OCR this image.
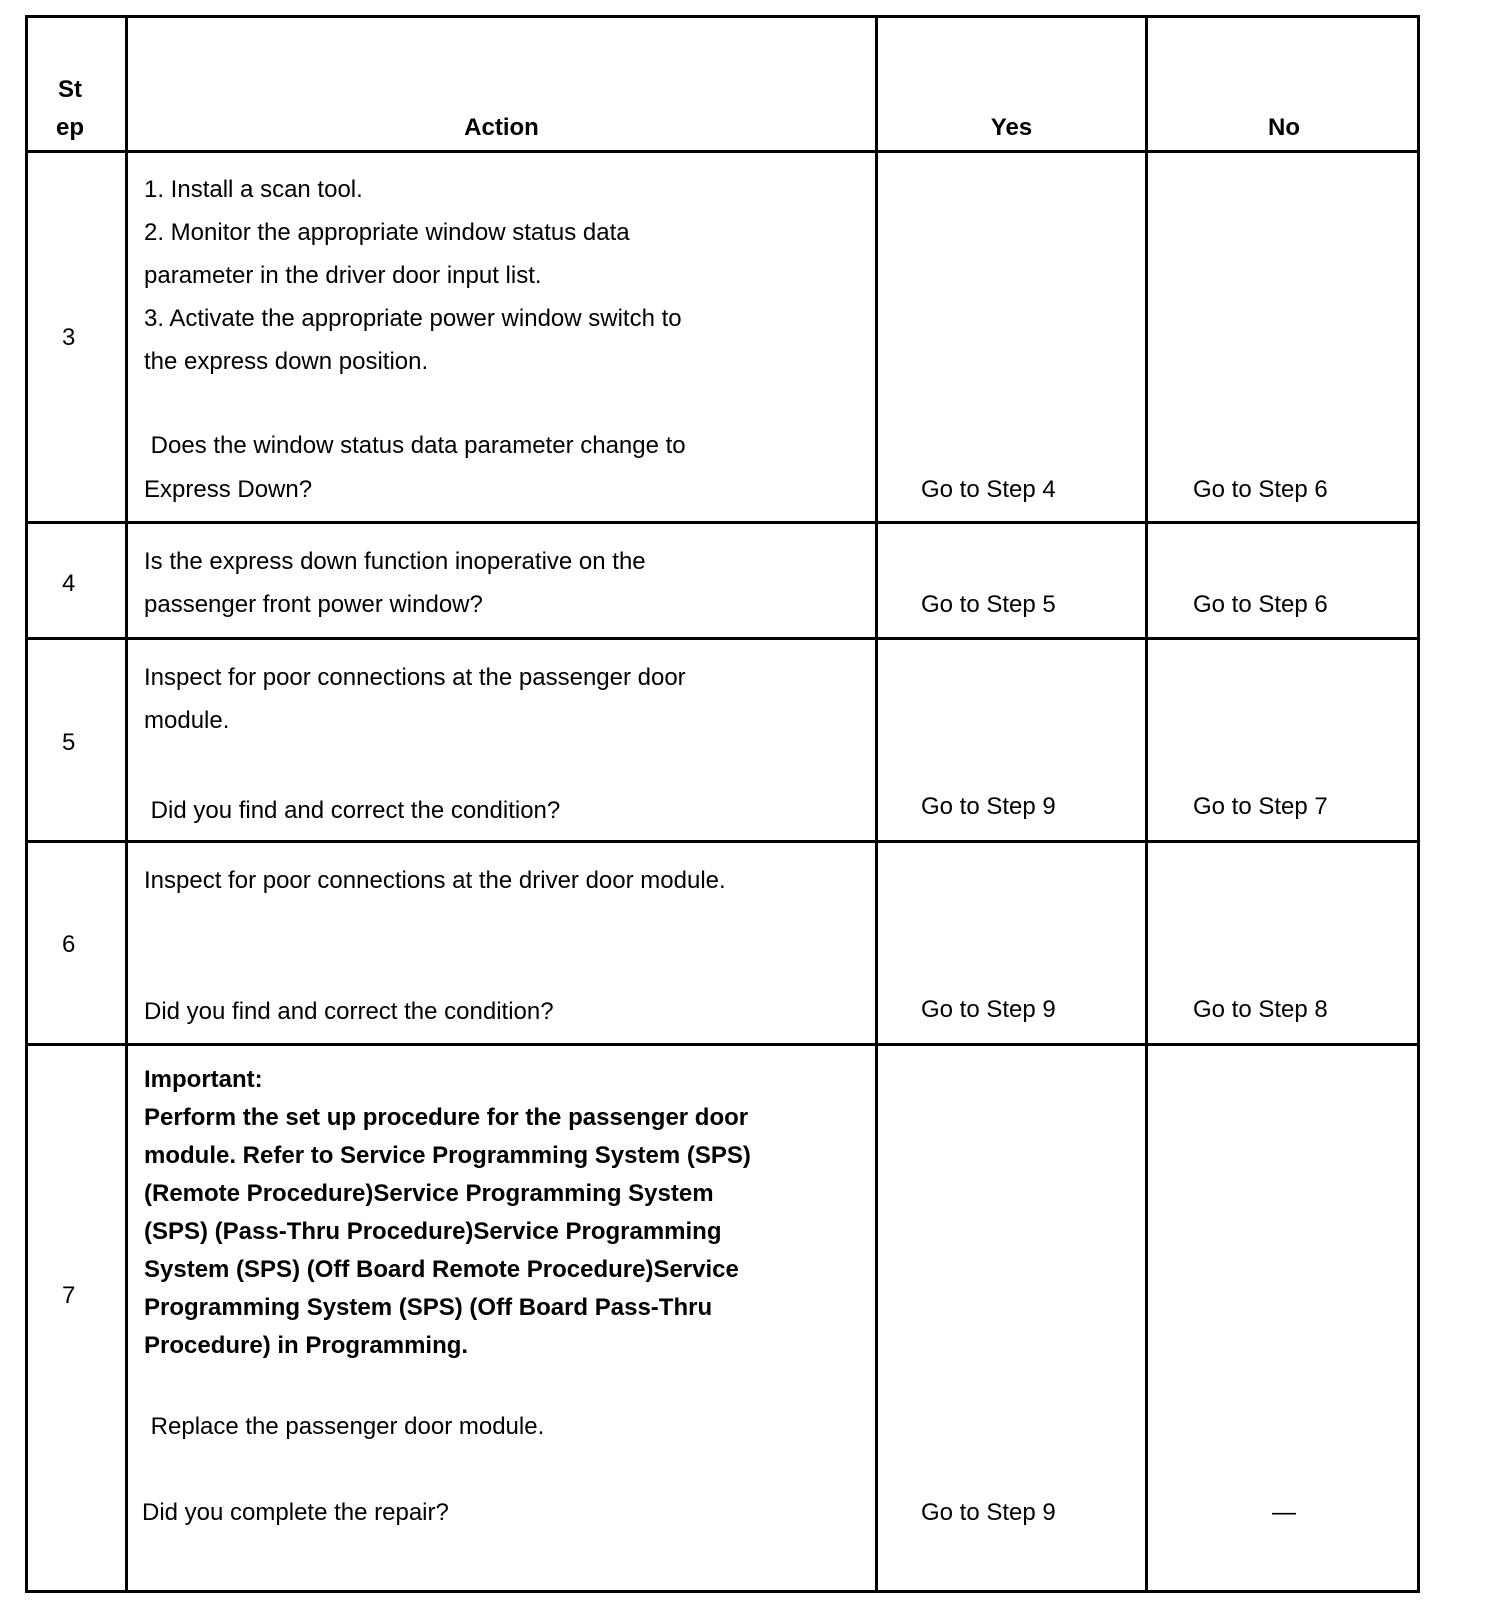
St
ep	Action	Yes	No
3
1. Install a scan tool.
2. Monitor the appropriate window status data
parameter in the driver door input list.
3. Activate the appropriate power window switch to
the express down position.
Does the window status data parameter change to
Express Down?	Go to Step 4	Go to Step 6
4
Is the express down function inoperative on the
passenger front power window?	Go to Step 5	Go to Step 6
5
Inspect for poor connections at the passenger door
module.
Did you find and correct the condition?	Go to Step 9	Go to Step 7
6
Inspect for poor connections at the driver door module.
Did you find and correct the condition?	Go to Step 9	Go to Step 8
7
Important:
Perform the set up procedure for the passenger door
module. Refer to Service Programming System (SPS)
(Remote Procedure)Service Programming System
(SPS) (Pass-Thru Procedure)Service Programming
System (SPS) (Off Board Remote Procedure)Service
Programming System (SPS) (Off Board Pass-Thru
Procedure) in Programming.
Replace the passenger door module.
Did you complete the repair?	Go to Step 9	—
